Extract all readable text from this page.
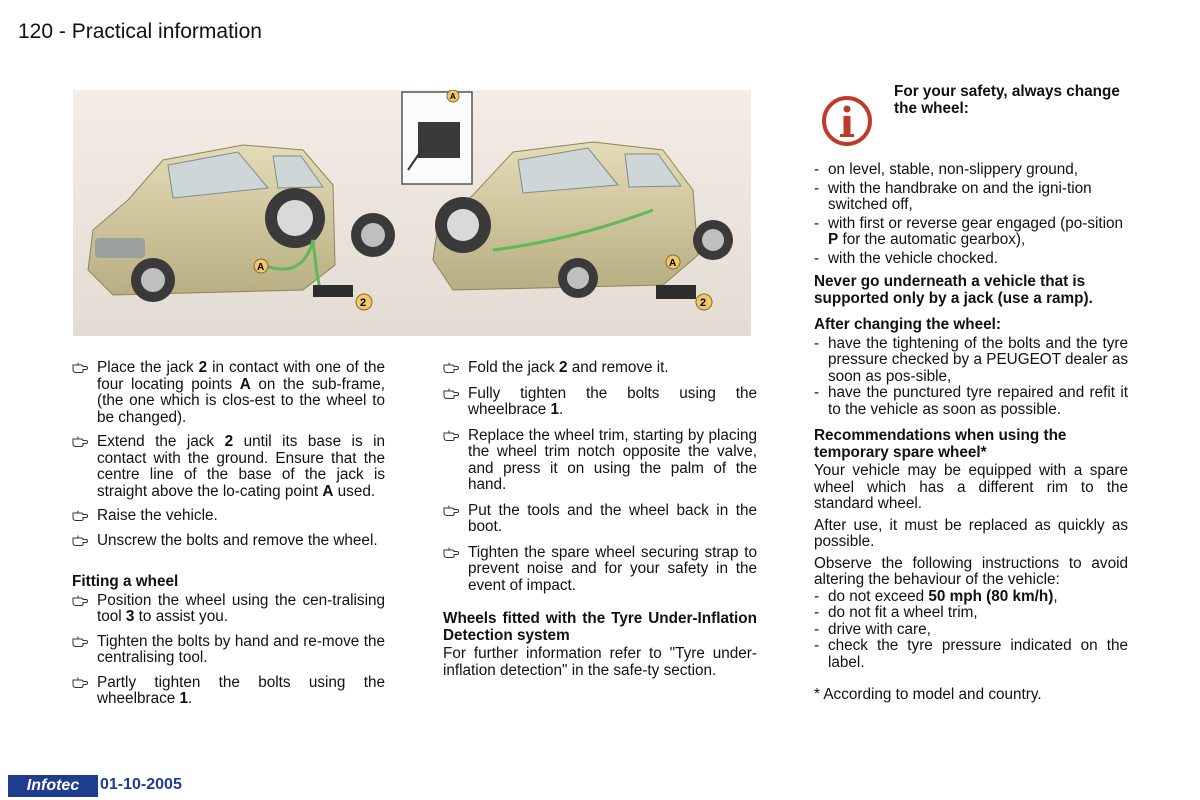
120 - Practical information
A
A
2
A
2
Place the jack 2 in contact with one of the four locating points A on the sub-frame, (the one which is clos-est to the wheel to be changed).
Extend the jack 2 until its base is in contact with the ground. Ensure that the centre line of the base of the jack is straight above the lo-cating point A used.
Raise the vehicle.
Unscrew the bolts and remove the wheel.
Fitting a wheel
Position the wheel using the cen-tralising tool 3 to assist you.
Tighten the bolts by hand and re-move the centralising tool.
Partly tighten the bolts using the wheelbrace 1.
Fold the jack 2 and remove it.
Fully tighten the bolts using the wheelbrace 1.
Replace the wheel trim, starting by placing the wheel trim notch opposite the valve, and press it on using the palm of the hand.
Put the tools and the wheel back in the boot.
Tighten the spare wheel securing strap to prevent noise and for your safety in the event of impact.
Wheels fitted with the Tyre Under-Inflation Detection system
For further information refer to "Tyre under-inflation detection" in the safe-ty section.
For your safety, always change the wheel:
- on level, stable, non-slippery ground,
- with the handbrake on and the igni-tion switched off,
- with first or reverse gear engaged (po-sition P for the automatic gearbox),
- with the vehicle chocked.
Never go underneath a vehicle that is supported only by a jack (use a ramp).
After changing the wheel:
- have the tightening of the bolts and the tyre pressure checked by a PEUGEOT dealer as soon as pos-sible,
- have the punctured tyre repaired and refit it to the vehicle as soon as possible.
Recommendations when using the temporary spare wheel*
Your vehicle may be equipped with a spare wheel which has a different rim to the standard wheel.
After use, it must be replaced as quickly as possible.
Observe the following instructions to avoid altering the behaviour of the vehicle:
- do not exceed 50 mph (80 km/h),
- do not fit a wheel trim,
- drive with care,
- check the tyre pressure indicated on the label.
* According to model and country.
Infotec	01-10-2005
